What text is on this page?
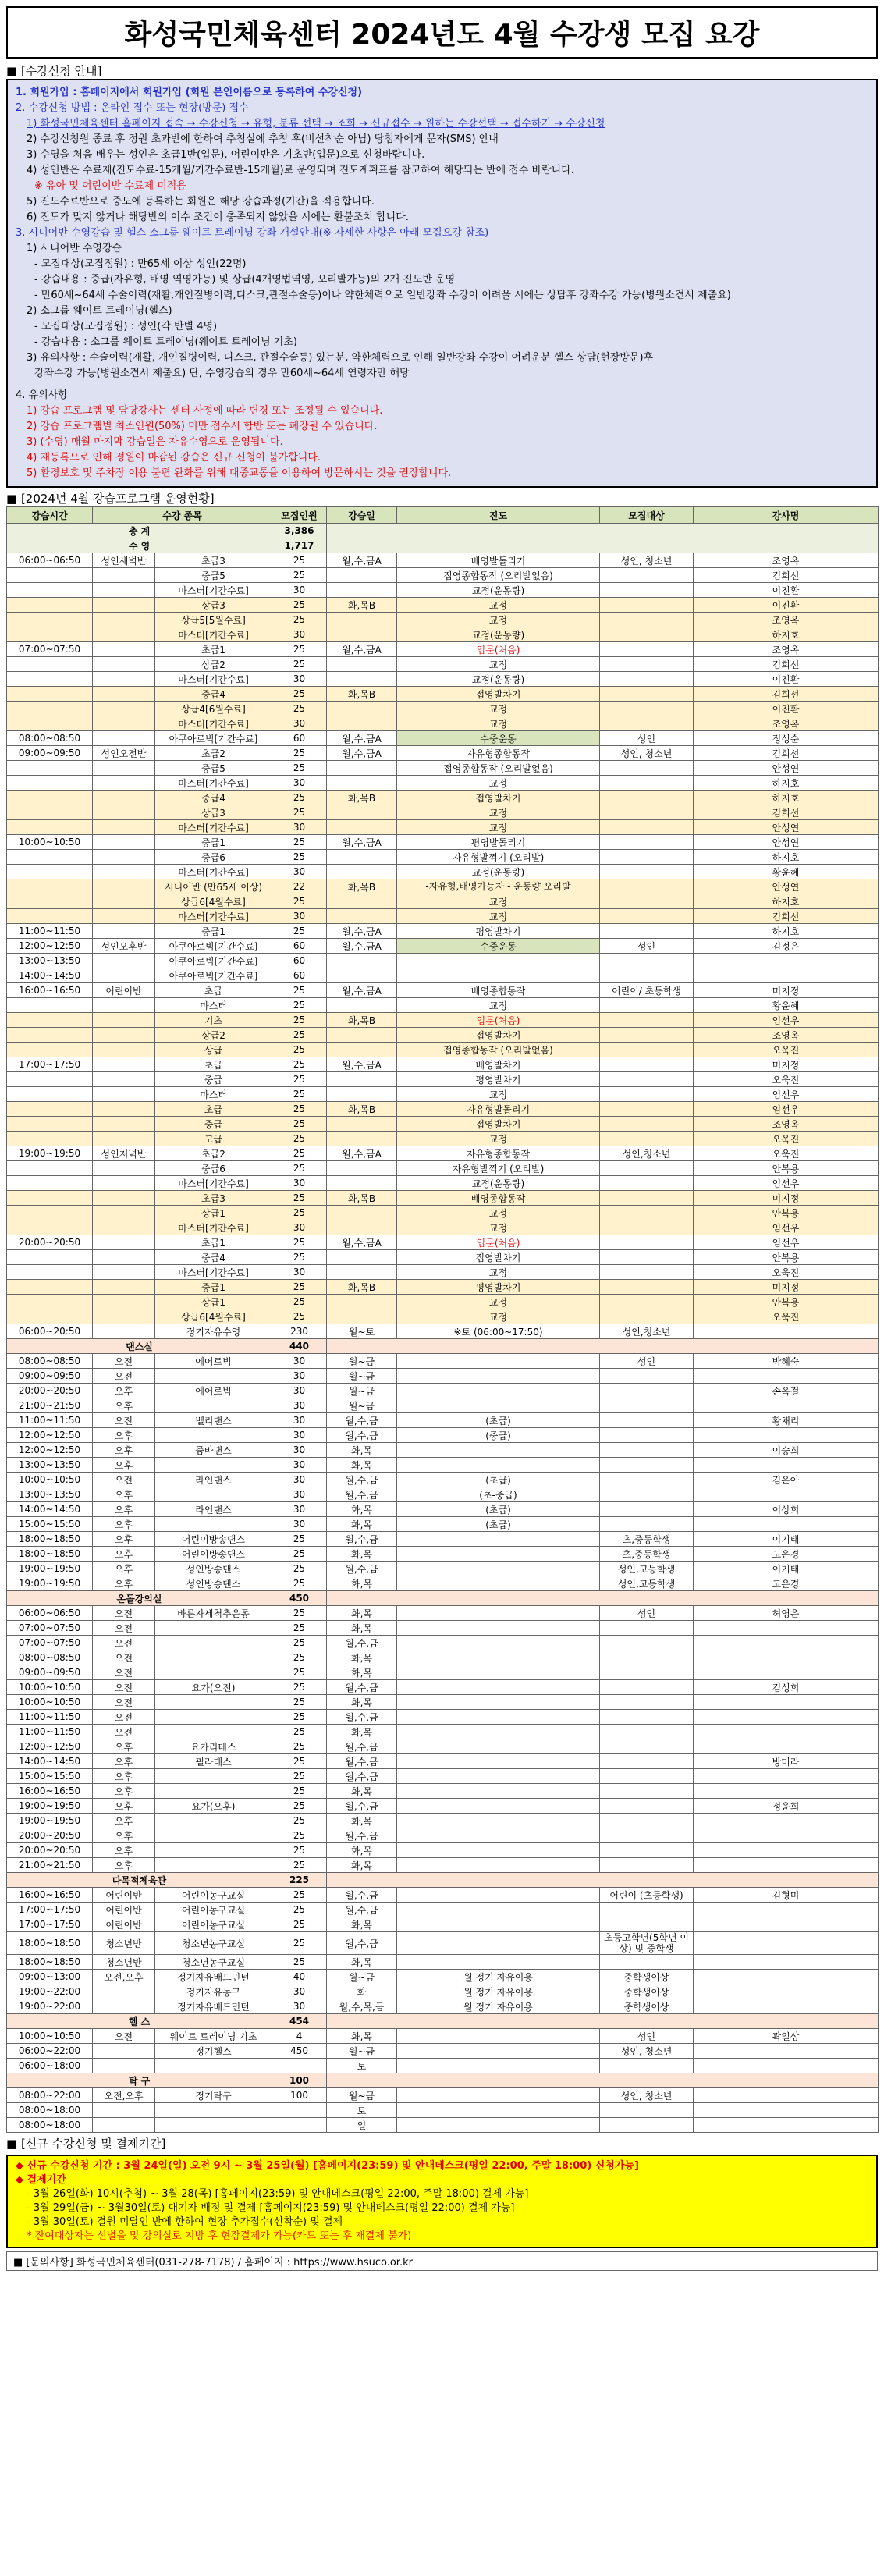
화성국민체육센터 2024년도 4월 수강생 모집 요강
■ [수강신청 안내]

1. 회원가입 : 홈페이지에서 회원가입 (회원 본인이름으로 등록하여 수강신청)

2. 수강신청 방법 : 온라인 접수 또는 현장(방문) 접수

1) 화성국민체육센터 홈페이지 접속 → 수강신청 → 유형, 분류 선택 → 조회 → 신규접수 → 원하는 수강선택 → 접수하기 → 수강신청

2) 수강신청원 종료 후 정원 초과반에 한하여 추첨실에 추첨 후(비선착순 아님) 당첨자에게 문자(SMS) 안내

3) 수영을 처음 배우는 성인은 초급1반(입문), 어린이반은 기초반(입문)으로 신청바랍니다.

4) 성인반은 수료제(진도수료-15개월/기간수료반-15개월)로 운영되며 진도계획표를 참고하여 해당되는 반에 접수 바랍니다.

※ 유아 및 어린이반 수료제 미적용

5) 진도수료반으로 중도에 등록하는 회원은 해당 강습과정(기간)을 적용합니다.

6) 진도가 맞지 않거나 해당반의 이수 조건이 충족되지 않았을 시에는 환불조치 합니다.

3. 시니어반 수영강습 및 헬스 소그룹 웨이트 트레이닝 강좌 개설안내(※ 자세한 사항은 아래 모집요강 참조)

1) 시니어반 수영강습

- 모집대상(모집정원) : 만65세 이상 성인(22명)

- 강습내용 : 중급(자유형, 배영 역영가능) 및 상급(4개영법역영, 오리발가능)의 2개 진도반 운영

- 만60세~64세 수술이력(재활,개인질병이력,디스크,관절수술등)이나 약한체력으로 일반강좌 수강이 어려울 시에는 상담후 강좌수강 가능(병원소견서 제출요)

2) 소그룹 웨이트 트레이닝(헬스)

- 모집대상(모집정원) : 성인(각 반별 4명)

- 강습내용 : 소그룹 웨이트 트레이닝(웨이트 트레이닝 기초)

3) 유의사항 : 수술이력(재활, 개인질병이력, 디스크, 관절수술등) 있는분, 약한체력으로 인해 일반강좌 수강이 어려운분 헬스 상담(현장방문)후

강좌수강 가능(병원소견서 제출요) 단, 수영강습의 경우 만60세~64세 연령자만 해당

4. 유의사항

1) 강습 프로그램 및 담당강사는 센터 사정에 따라 변경 또는 조정될 수 있습니다.

2) 강습 프로그램별 최소인원(50%) 미만 접수시 합반 또는 폐강될 수 있습니다.

3) (수영) 매월 마지막 강습일은 자유수영으로 운영됩니다.

4) 재등록으로 인해 정원이 마감된 강습은 신규 신청이 불가합니다.

5) 환경보호 및 주차장 이용 불편 완화를 위해 대중교통을 이용하여 방문하시는 것을 권장합니다.

■ [2024년 4월 강습프로그램 운영현황]
강습시간	수강 종목		모집인원	강습일	진도	모집대상	강사명
총 계			3,386				
수 영			1,717				
06:00~06:50	성인새벽반	초급3	25	월,수,금A	배영발돌리기	성인, 청소년	조영옥
		중급5	25		접영종합동작 (오리발없음)		김희선
		마스터[기간수료]	30		교정(운동량)		이진환
		상급3	25	화,목B	교정		이진환
		상급5[5월수료]	25		교정		조영옥
		마스터[기간수료]	30		교정(운동량)		하지호
07:00~07:50		초급1	25	월,수,금A	입문(처음)		조영옥
		상급2	25		교정		김희선
		마스터[기간수료]	30		교정(운동량)		이진환
		중급4	25	화,목B	접영발차기		김희선
		상급4[6월수료]	25		교정		이진환
		마스터[기간수료]	30		교정		조영옥
08:00~08:50		아쿠아로빅[기간수료]	60	월,수,금A	수중운동	성인	정성순
09:00~09:50	성인오전반	초급2	25	월,수,금A	자유형종합동작	성인, 청소년	김희선
		중급5	25		접영종합동작 (오리발없음)		안성연
		마스터[기간수료]	30		교정		하지호
		중급4	25	화,목B	접영발차기		하지호
		상급3	25		교정		김희선
		마스터[기간수료]	30		교정		안성연
10:00~10:50		중급1	25	월,수,금A	평영발돌리기		안성연
		중급6	25		자유형발꺽기 (오리발)		하지호
		마스터[기간수료]	30		교정(운동량)		황윤혜
		시니어반 (만65세 이상)	22	화,목B	-자유형,배영가능자 - 운동량 오리발		안성연
		상급6[4월수료]	25		교정		하지호
		마스터[기간수료]	30		교정		김희선
11:00~11:50		중급1	25	월,수,금A	평영발차기		하지호
12:00~12:50	성인오후반	아쿠아로빅[기간수료]	60	월,수,금A	수중운동	성인	김정은
13:00~13:50		아쿠아로빅[기간수료]	60				
14:00~14:50		아쿠아로빅[기간수료]	60				
16:00~16:50	어린이반	초급	25	월,수,금A	배영종합동작	어린이/ 초등학생	미지정
		마스터	25		교정		황윤혜
		기초	25	화,목B	입문(처음)		임선우
		상급2	25		접영발차기		조영옥
		상급	25		접영종합동작 (오리발없음)		오욱진
17:00~17:50		초급	25	월,수,금A	배영발차기		미지정
		중급	25		평영발차기		오욱진
		마스터	25		교정		임선우
		초급	25	화,목B	자유형발돌리기		임선우
		중급	25		접영발차기		조영옥
		고급	25		교정		오욱진
19:00~19:50	성인저녁반	초급2	25	월,수,금A	자유형종합동작	성인,청소년	오욱진
		중급6	25		자유형발꺽기 (오리발)		안복용
		마스터[기간수료]	30		교정(운동량)		임선우
		초급3	25	화,목B	배영종합동작		미지정
		상급1	25		교정		안복용
		마스터[기간수료]	30		교정		임선우
20:00~20:50		초급1	25	월,수,금A	입문(처음)		임선우
		중급4	25		접영발차기		안복용
		마스터[기간수료]	30		교정		오욱진
		중급1	25	화,목B	평영발차기		미지정
		상급1	25		교정		안복용
		상급6[4월수료]	25		교정		오욱진
06:00~20:50		정기자유수영	230	월~토	※토 (06:00~17:50)	성인,청소년	
댄스실			440				
08:00~08:50	오전	에어로빅	30	월~금		성인	박혜숙
09:00~09:50	오전		30	월~금			
20:00~20:50	오후	에어로빅	30	월~금			손옥걸
21:00~21:50	오후		30	월~금			
11:00~11:50	오전	벨리댄스	30	월,수,금	(초급)		황채리
12:00~12:50	오후		30	월,수,금	(중급)		
12:00~12:50	오후	줌바댄스	30	화,목			이승희
13:00~13:50	오후		30	화,목			
10:00~10:50	오전	라인댄스	30	월,수,금	(초급)		김은아
13:00~13:50	오후		30	월,수,금	(초-중급)		
14:00~14:50	오후	라인댄스	30	화,목	(초급)		이상희
15:00~15:50	오후		30	화,목	(초급)		
18:00~18:50	오후	어린이방송댄스	25	월,수,금		초,중등학생	이기태
18:00~18:50	오후	어린이방송댄스	25	화,목		초,중등학생	고은경
19:00~19:50	오후	성인방송댄스	25	월,수,금		성인,고등학생	이기태
19:00~19:50	오후	성인방송댄스	25	화,목		성인,고등학생	고은경
온돌강의실			450				
06:00~06:50	오전	바른자세척추운동	25	화,목		성인	허영은
07:00~07:50	오전		25	화,목			
07:00~07:50	오전		25	월,수,금			
08:00~08:50	오전		25	화,목			
09:00~09:50	오전		25	화,목			
10:00~10:50	오전	요가(오전)	25	월,수,금			김성희
10:00~10:50	오전		25	화,목			
11:00~11:50	오전		25	월,수,금			
11:00~11:50	오전		25	화,목			
12:00~12:50	오후	요가리테스	25	월,수,금			
14:00~14:50	오후	필라테스	25	월,수,금			방미라
15:00~15:50	오후		25	월,수,금			
16:00~16:50	오후		25	화,목			
19:00~19:50	오후	요가(오후)	25	월,수,금			정윤희
19:00~19:50	오후		25	화,목			
20:00~20:50	오후		25	월,수,금			
20:00~20:50	오후		25	화,목			
21:00~21:50	오후		25	화,목			
다목적체육관			225				
16:00~16:50	어린이반	어린이농구교실	25	월,수,금		어린이 (초등학생)	김형미
17:00~17:50	어린이반	어린이농구교실	25	월,수,금			
17:00~17:50	어린이반	어린이농구교실	25	화,목			
18:00~18:50	청소년반	청소년농구교실	25	월,수,금		초등고학년(5학년 이상) 및 중학생	
18:00~18:50	청소년반	청소년농구교실	25	화,목			
09:00~13:00	오전,오후	정기자유배드민턴	40	월~금	월 정기 자유이용	중학생이상	
19:00~22:00		정기자유농구	30	화	월 정기 자유이용	중학생이상	
19:00~22:00		정기자유배드민턴	30	월,수,목,금	월 정기 자유이용	중학생이상	
헬 스			454				
10:00~10:50	오전	웨이트 트레이닝 기초	4	화,목		성인	곽일상
06:00~22:00		정기헬스	450	월~금		성인, 청소년	
06:00~18:00				토			
탁 구			100				
08:00~22:00	오전,오후	정기탁구	100	월~금		성인, 청소년	
08:00~18:00				토			
08:00~18:00				일			
■ [신규 수강신청 및 결제기간]

◆ 신규 수강신청 기간 : 3월 24일(일) 오전 9시 ~ 3월 25일(월) [홈페이지(23:59) 및 안내데스크(평일 22:00, 주말 18:00) 신청가능]

◆ 결제기간

- 3월 26일(화) 10시(추첨) ~ 3월 28(목) [홈페이지(23:59) 및 안내데스크(평일 22:00, 주말 18:00) 결제 가능]

- 3월 29일(금) ~ 3월30일(토) 대기자 배정 및 결제 [홈페이지(23:59) 및 안내데스크(평일 22:00) 결제 가능]

- 3월 30일(토) 결원 미달인 반에 한하여 현장 추가접수(선착순) 및 결제

* 잔여대상자는 선별을 및 강의실로 지방 후 현장결제가 가능(카드 또는 후 재결제 불가)

■ [문의사항] 화성국민체육센터(031-278-7178) / 홈페이지 : https://www.hsuco.or.kr
